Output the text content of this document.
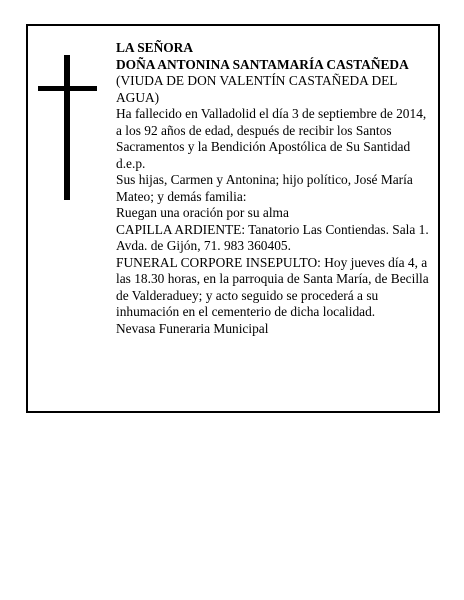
LA SEÑORA

DOÑA ANTONINA SANTAMARÍA CASTAÑEDA

(VIUDA DE DON VALENTÍN CASTAÑEDA DEL AGUA)

Ha fallecido en Valladolid el día 3 de septiembre de 2014, a los 92 años de edad, después de recibir los Santos Sacramentos y la Bendición Apostólica de Su Santidad

d.e.p.

Sus hijas, Carmen y Antonina; hijo político, José María Mateo; y demás familia:

Ruegan una oración por su alma

CAPILLA ARDIENTE: Tanatorio Las Contiendas. Sala 1. Avda. de Gijón, 71. 983 360405.

FUNERAL CORPORE INSEPULTO: Hoy jueves día 4, a las 18.30 horas, en la parroquia de Santa María, de Becilla de Valderaduey; y acto seguido se procederá a su inhumación en el cementerio de dicha localidad.

Nevasa Funeraria Municipal
